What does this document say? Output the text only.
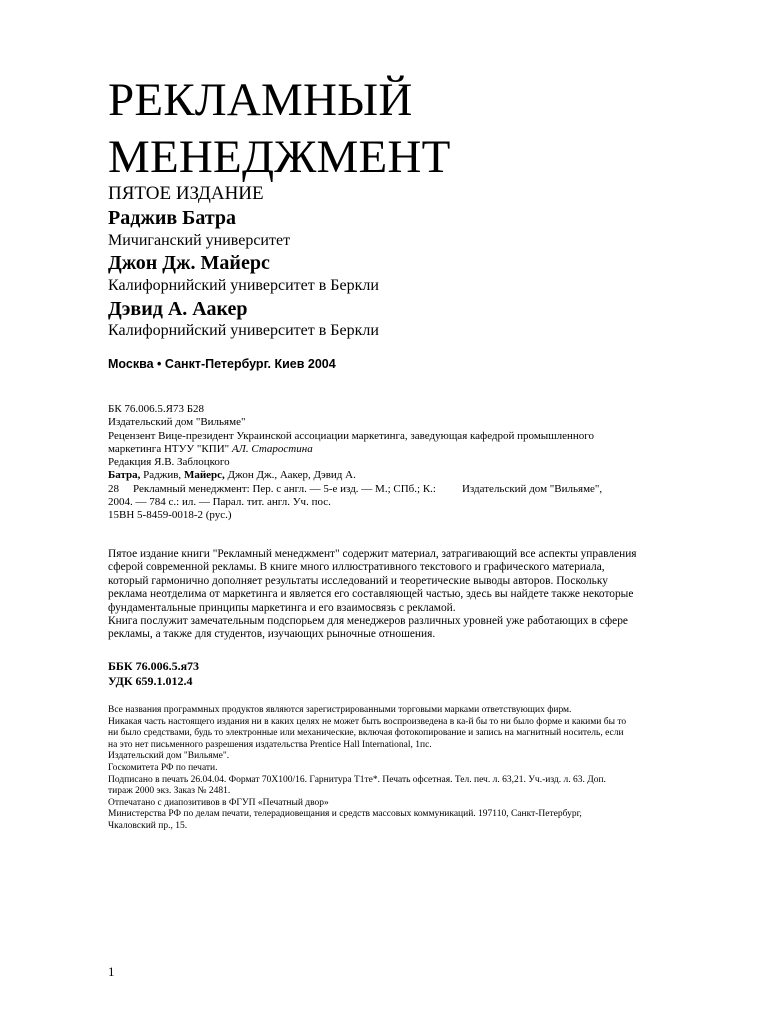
РЕКЛАМНЫЙ
МЕНЕДЖМЕНТ
ПЯТОЕ ИЗДАНИЕ
Раджив Батра
Мичиганский университет
Джон Дж. Майерс
Калифорнийский университет в Беркли
Дэвид А. Аакер
Калифорнийский университет в Беркли
Москва • Санкт-Петербург. Киев 2004

БК 76.006.5.Я73 Б28

Издательский дом "Вильяме"

Рецензент Вице-президент Украинской ассоциации маркетинга, заведующая кафедрой промышленного

маркетинга НТУУ "КПИ" АЛ. Старостина

Редакция Я.В. Заблоцкого

Батра, Раджив, Майерс, Джон Дж., Аакер, Дэвид А.

28 Рекламный менеджмент: Пер. с англ. — 5-е изд. — М.; СПб.; К.: Издательский дом "Вильяме",

2004. — 784 с.: ил. — Парал. тит. англ. Уч. пос.

15ВН 5-8459-0018-2 (рус.)

Пятое издание книги "Рекламный менеджмент" содержит материал, затрагивающий все аспекты управления

сферой современной рекламы. В книге много иллюстративного текстового и графического материала,

который гармонично дополняет результаты исследований и теоретические выводы авторов. Поскольку

реклама неотделима от маркетинга и является его составляющей частью, здесь вы найдете также некоторые

фундаментальные принципы маркетинга и его взаимосвязь с рекламой.

Книга послужит замечательным подспорьем для менеджеров различных уровней уже работающих в сфере

рекламы, а также для студентов, изучающих рыночные отношения.

ББК 76.006.5.я73

УДК 659.1.012.4

Все названия программных продуктов являются зарегистрированными торговыми марками ответствующих фирм.

Никакая часть настоящего издания ни в каких целях не может быть воспроизведена в ка-й бы то ни было форме и какими бы то

ни было средствами, будь то электронные или механические, включая фотокопирование и запись на магнитный носитель, если

на это нет письменного разрешения издательства Prentice Hall International, 1пс.

Издательский дом "Вильяме".

Госкомитета РФ по печати.

Подписано в печать 26.04.04. Формат 70Х100/16. Гарнитура Т1те*. Печать офсетная. Тел. печ. л. 63,21. Уч.-изд. л. 63. Доп.

тираж 2000 экз. Заказ № 2481.

Отпечатано с диапозитивов в ФГУП «Печатный двор»

Министерства РФ по делам печати, телерадиовещания и средств массовых коммуникаций. 197110, Санкт-Петербург,

Чкаловский пр., 15.

1
